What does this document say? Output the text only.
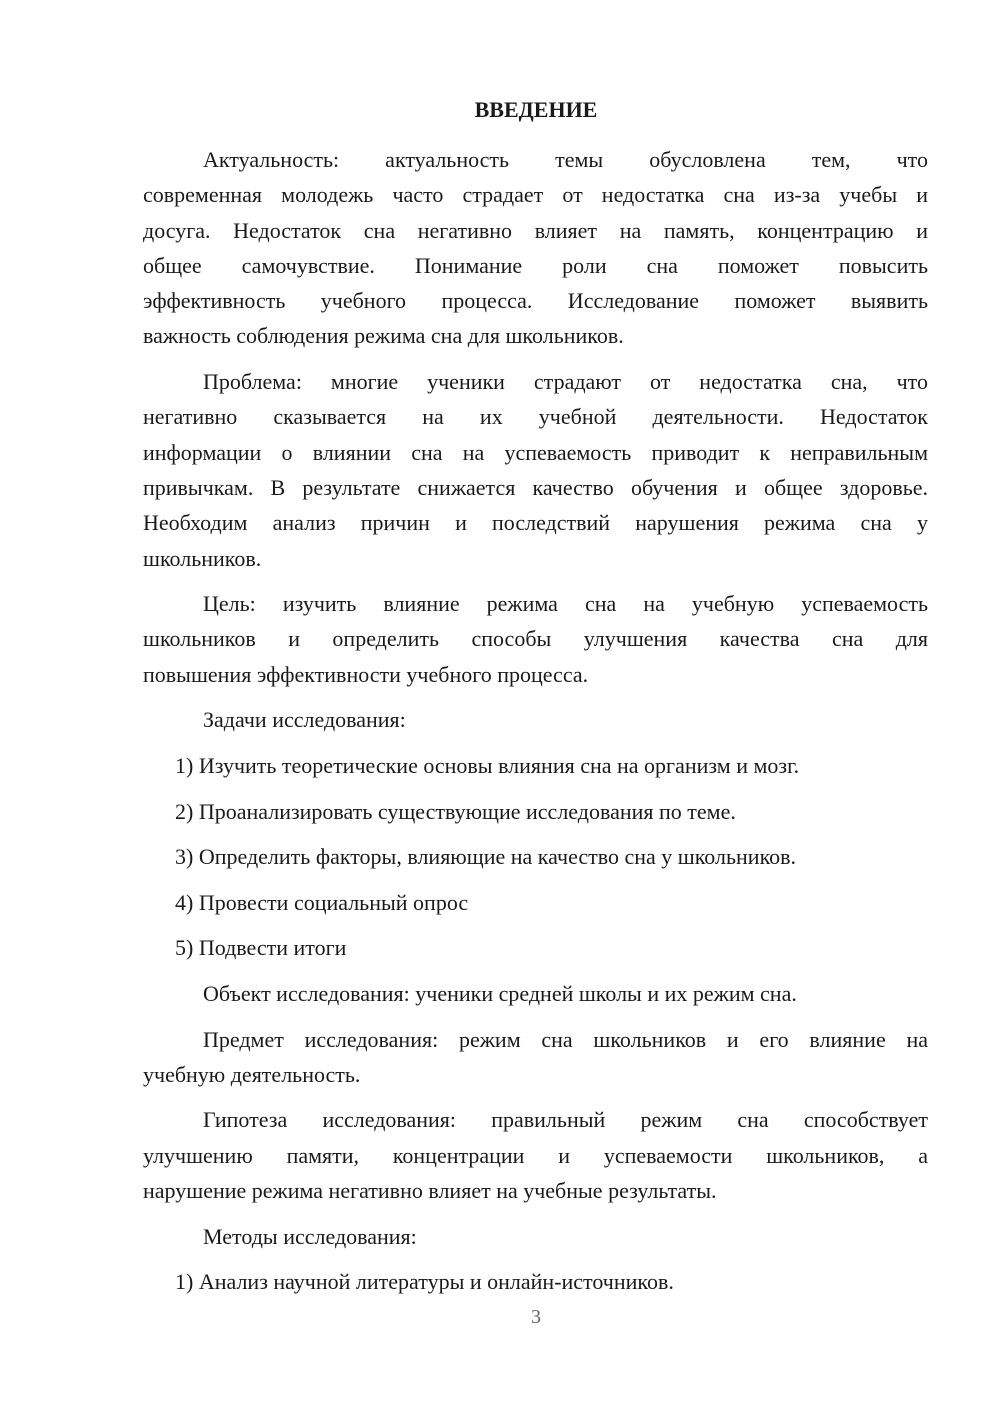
ВВЕДЕНИЕ
Актуальность: актуальность темы обусловлена тем, что
современная молодежь часто страдает от недостатка сна из-за учебы и
досуга. Недостаток сна негативно влияет на память, концентрацию и
общее самочувствие. Понимание роли сна поможет повысить
эффективность учебного процесса. Исследование поможет выявить
важность соблюдения режима сна для школьников.
Проблема: многие ученики страдают от недостатка сна, что
негативно сказывается на их учебной деятельности. Недостаток
информации о влиянии сна на успеваемость приводит к неправильным
привычкам. В результате снижается качество обучения и общее здоровье.
Необходим анализ причин и последствий нарушения режима сна у
школьников.
Цель: изучить влияние режима сна на учебную успеваемость
школьников и определить способы улучшения качества сна для
повышения эффективности учебного процесса.
Задачи исследования:
1) Изучить теоретические основы влияния сна на организм и мозг.
2) Проанализировать существующие исследования по теме.
3) Определить факторы, влияющие на качество сна у школьников.
4) Провести социальный опрос
5) Подвести итоги
Объект исследования: ученики средней школы и их режим сна.
Предмет исследования: режим сна школьников и его влияние на
учебную деятельность.
Гипотеза исследования: правильный режим сна способствует
улучшению памяти, концентрации и успеваемости школьников, а
нарушение режима негативно влияет на учебные результаты.
Методы исследования:
1) Анализ научной литературы и онлайн-источников.
3
